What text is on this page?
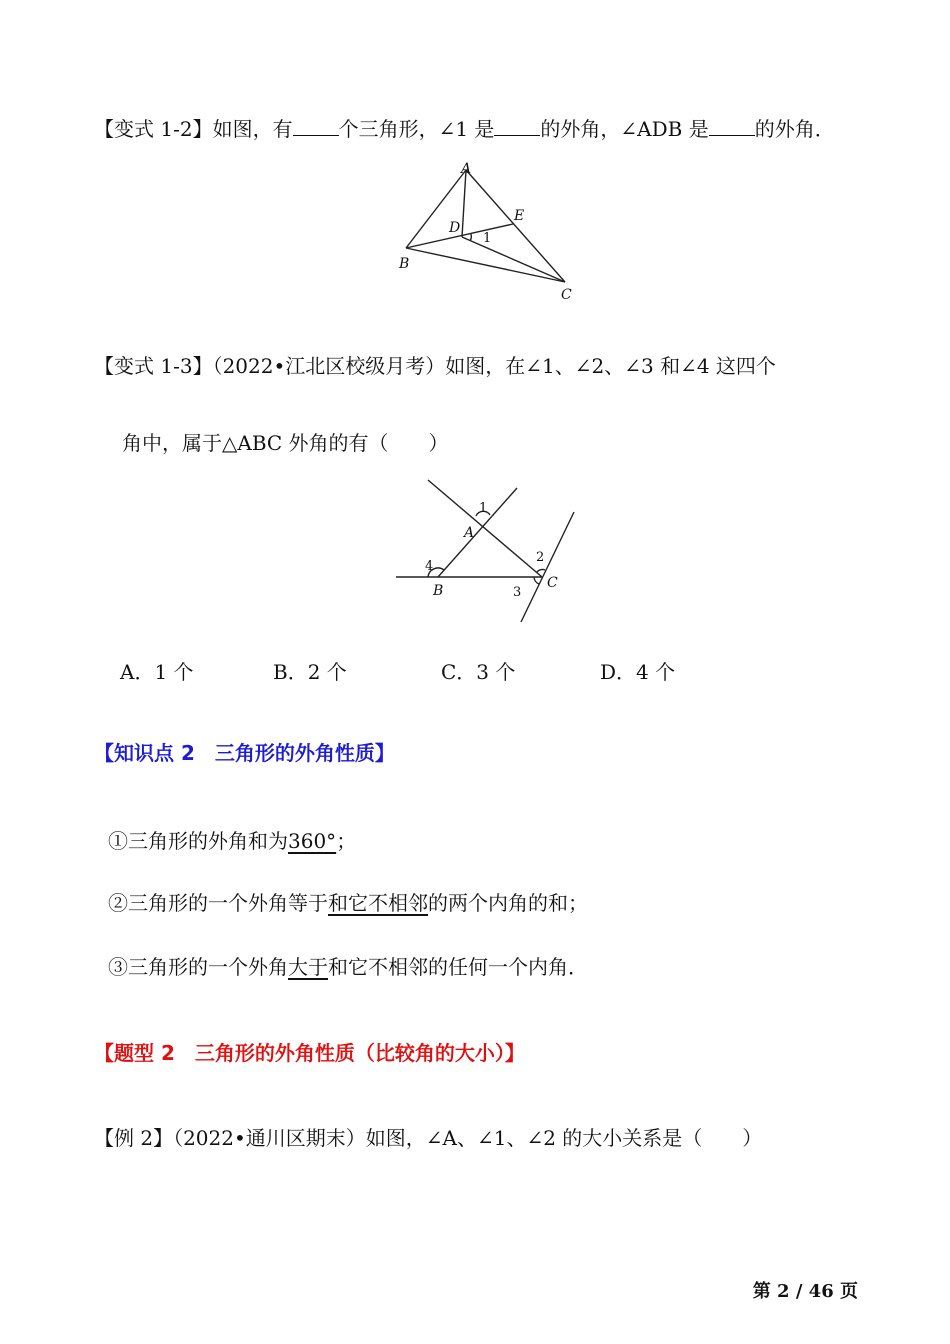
【变式 1-2】如图，有 个三角形，∠1 是 的外角，∠ADB 是 的外角．
A
B
C
D
E
1
【变式 1-3】（2022•江北区校级月考）如图，在∠1、∠2、∠3 和∠4 这四个
角中，属于△ABC 外角的有（　　）
A
B	C
1
2
3
4
A．1 个	B．2 个	C．3 个	D．4 个
【知识点 2　三角形的外角性质】
①三角形的外角和为360°；
②三角形的一个外角等于和它不相邻的两个内角的和；
③三角形的一个外角大于和它不相邻的任何一个内角．
【题型 2　三角形的外角性质（比较角的大小）】
【例 2】（2022•通川区期末）如图，∠A、∠1、∠2 的大小关系是（　　）
第 2 / 46 页
